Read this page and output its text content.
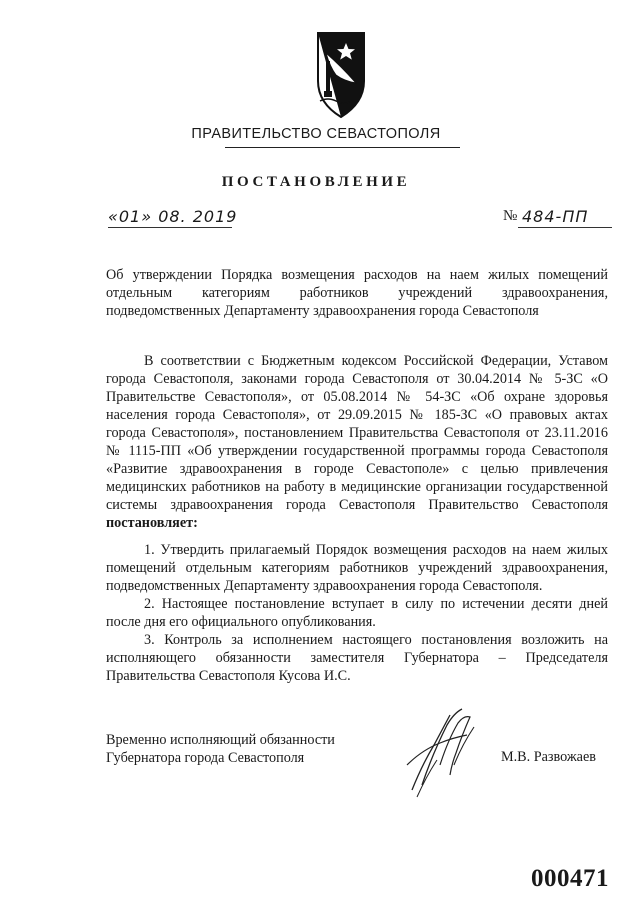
ПРАВИТЕЛЬСТВО СЕВАСТОПОЛЯ
ПОСТАНОВЛЕНИЕ
«01» 08. 2019	№ 484-ПП

Об утверждении Порядка возмещения расходов на наем жилых помещений отдельным категориям работников учреждений здравоохранения, подведомственных Департаменту здравоохранения города Севастополя

В соответствии с Бюджетным кодексом Российской Федерации, Уставом города Севастополя, законами города Севастополя от 30.04.2014 № 5-ЗС «О Правительстве Севастополя», от 05.08.2014 № 54-ЗС «Об охране здоровья населения города Севастополя», от 29.09.2015 № 185-ЗС «О правовых актах города Севастополя», постановлением Правительства Севастополя от 23.11.2016 № 1115-ПП «Об утверждении государственной программы города Севастополя «Развитие здравоохранения в городе Севастополе» с целью привлечения медицинских работников на работу в медицинские организации государственной системы здравоохранения города Севастополя Правительство Севастополя постановляет:

1. Утвердить прилагаемый Порядок возмещения расходов на наем жилых помещений отдельным категориям работников учреждений здравоохранения, подведомственных Департаменту здравоохранения города Севастополя.

2. Настоящее постановление вступает в силу по истечении десяти дней после дня его официального опубликования.

3. Контроль за исполнением настоящего постановления возложить на исполняющего обязанности заместителя Губернатора – Председателя Правительства Севастополя Кусова И.С.

Временно исполняющий обязанности
Губернатора города Севастополя	М.В. Развожаев
000471
